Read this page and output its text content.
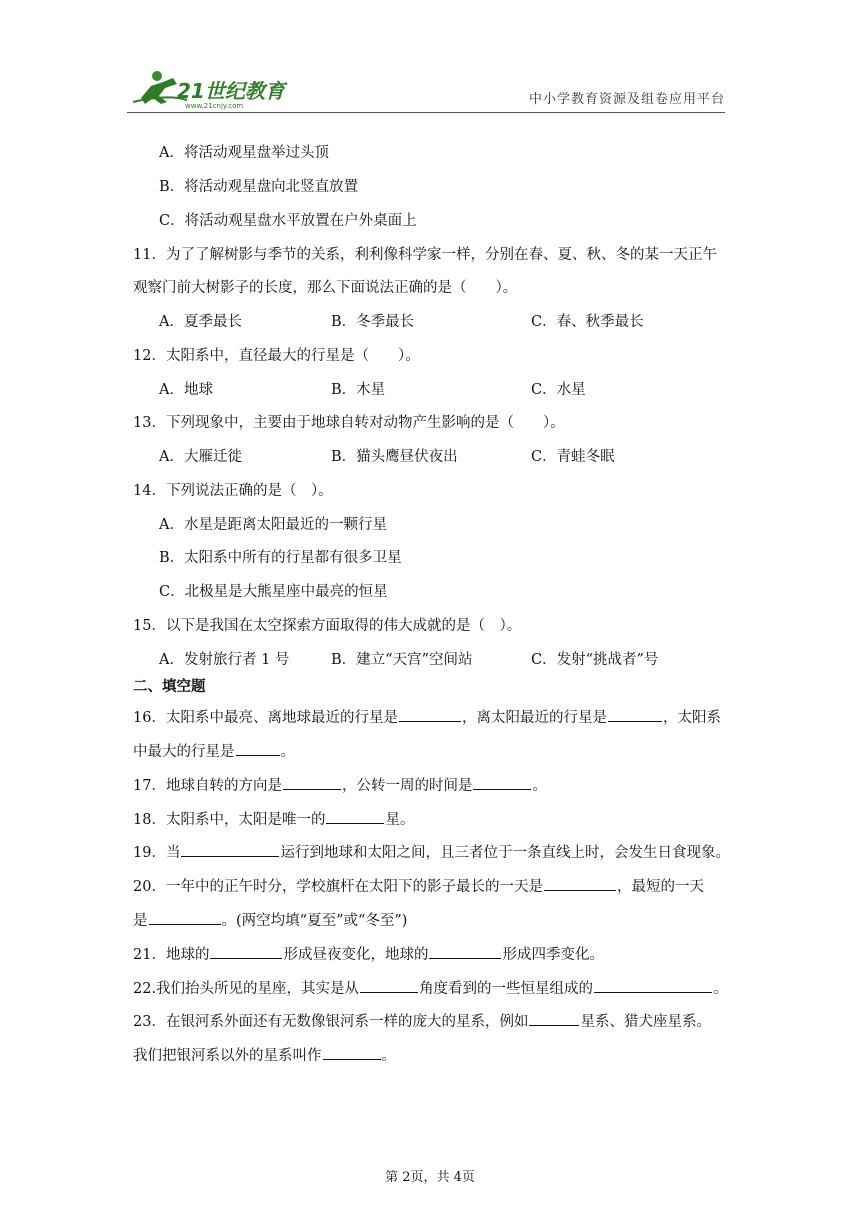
21世纪教育
www.21cnjy.com	中小学教育资源及组卷应用平台
A．将活动观星盘举过头顶
B．将活动观星盘向北竖直放置
C．将活动观星盘水平放置在户外桌面上
11．为了了解树影与季节的关系，利利像科学家一样，分别在春、夏、秋、冬的某一天正午
观察门前大树影子的长度，那么下面说法正确的是（　　）。
A．夏季最长	B．冬季最长	C．春、秋季最长
12．太阳系中，直径最大的行星是（　　）。
A．地球	B．木星	C．水星
13．下列现象中，主要由于地球自转对动物产生影响的是（　　）。
A．大雁迁徙	B．猫头鹰昼伏夜出	C．青蛙冬眠
14．下列说法正确的是（　）。
A．水星是距离太阳最近的一颗行星
B．太阳系中所有的行星都有很多卫星
C．北极星是大熊星座中最亮的恒星
15．以下是我国在太空探索方面取得的伟大成就的是（　）。
A．发射旅行者 1 号	B．建立“天宫”空间站	C．发射“挑战者”号
二、填空题
16．太阳系中最亮、离地球最近的行星是	，离太阳最近的行星是	，太阳系
中最大的行星是	。
17．地球自转的方向是	，公转一周的时间是	。
18．太阳系中，太阳是唯一的	星。
19．当	运行到地球和太阳之间，且三者位于一条直线上时，会发生日食现象。
20．一年中的正午时分，学校旗杆在太阳下的影子最长的一天是	，最短的一天
是	。(两空均填“夏至”或“冬至”)
21．地球的	形成昼夜变化，地球的	形成四季变化。
22.我们抬头所见的星座，其实是从	角度看到的一些恒星组成的	。
23．在银河系外面还有无数像银河系一样的庞大的星系，例如	星系、猎犬座星系。
我们把银河系以外的星系叫作	。
第 2页，共 4页
